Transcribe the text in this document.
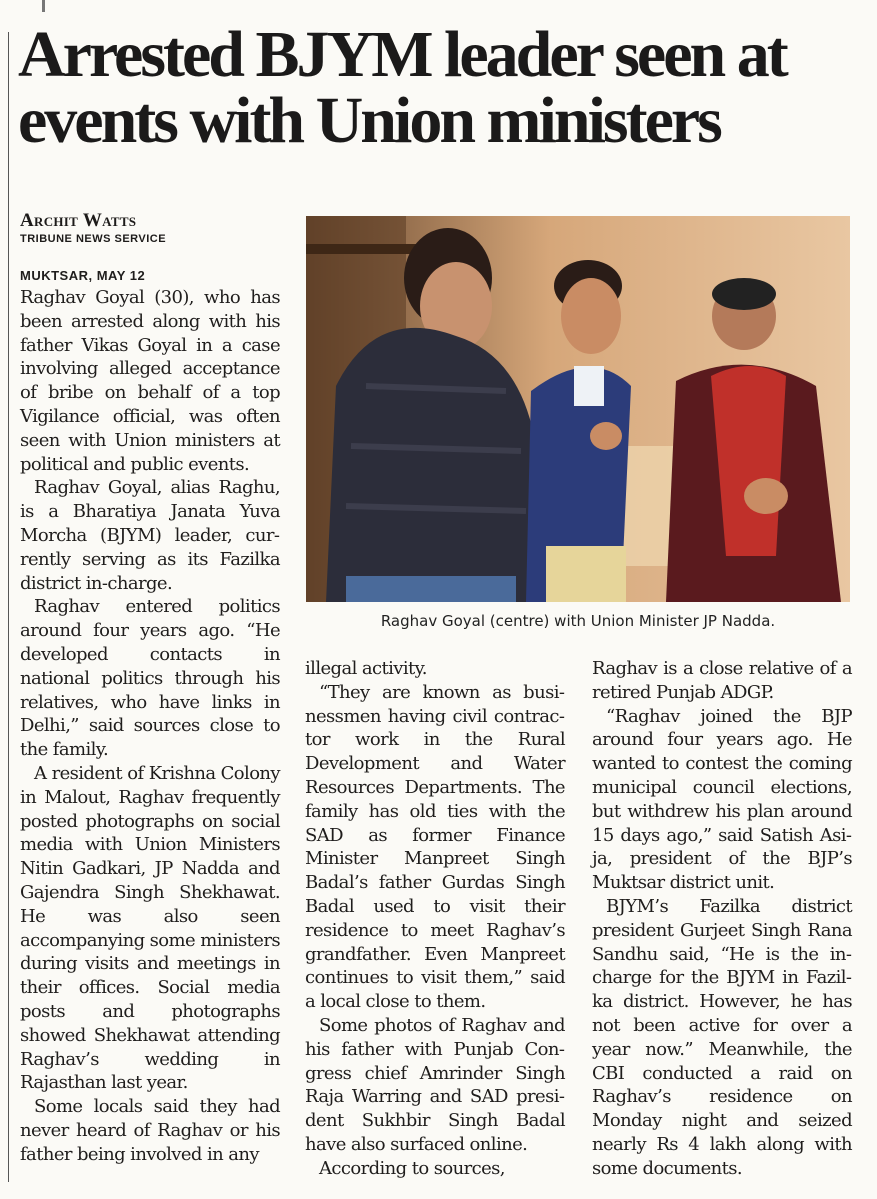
Arrested BJYM leader seen at events with Union ministers
Archit Watts
TRIBUNE NEWS SERVICE
MUKTSAR, MAY 12

Raghav Goyal (30), who has been arrested along with his father Vikas Goyal in a case involving alleged acceptance of bribe on behalf of a top Vigilance official, was often seen with Union ministers at political and public events.

Raghav Goyal, alias Raghu, is a Bharatiya Janata Yuva Morcha (BJYM) leader, currently serving as its Fazilka district in-charge.

Raghav entered politics around four years ago. “He developed contacts in national politics through his relatives, who have links in Delhi,” said sources close to the family.

A resident of Krishna Colony in Malout, Raghav frequently posted photographs on social media with Union Ministers Nitin Gadkari, JP Nadda and Gajendra Singh Shekhawat. He was also seen accompanying some ministers during visits and meetings in their offices. Social media posts and photographs showed Shekhawat attending Raghav’s wedding in Rajasthan last year.

Some locals said they had never heard of Raghav or his father being involved in any

Raghav Goyal (centre) with Union Minister JP Nadda.

illegal activity.

“They are known as businessmen having civil contractor work in the Rural Development and Water Resources Departments. The family has old ties with the SAD as former Finance Minister Manpreet Singh Badal’s father Gurdas Singh Badal used to visit their residence to meet Raghav’s grandfather. Even Manpreet continues to visit them,” said a local close to them.

Some photos of Raghav and his father with Punjab Congress chief Amrinder Singh Raja Warring and SAD president Sukhbir Singh Badal have also surfaced online.

According to sources,

Raghav is a close relative of a retired Punjab ADGP.

“Raghav joined the BJP around four years ago. He wanted to contest the coming municipal council elections, but withdrew his plan around 15 days ago,” said Satish Asija, president of the BJP’s Muktsar district unit.

BJYM’s Fazilka district president Gurjeet Singh Rana Sandhu said, “He is the incharge for the BJYM in Fazilka district. However, he has not been active for over a year now.” Meanwhile, the CBI conducted a raid on Raghav’s residence on Monday night and seized nearly Rs 4 lakh along with some documents.
